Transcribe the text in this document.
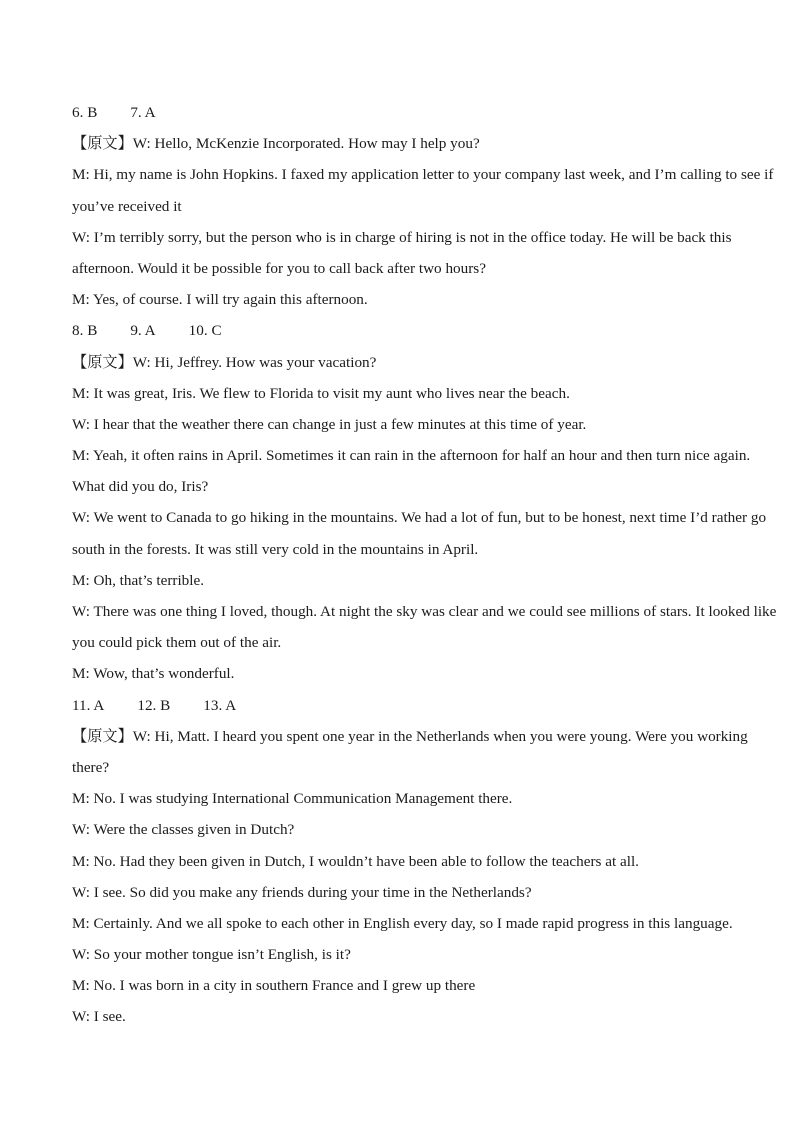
6. B 7. A
【原文】W: Hello, McKenzie Incorporated. How may I help you?
M: Hi, my name is John Hopkins. I faxed my application letter to your company last week, and I’m calling to see if
you’ve received it
W: I’m terribly sorry, but the person who is in charge of hiring is not in the office today. He will be back this
afternoon. Would it be possible for you to call back after two hours?
M: Yes, of course. I will try again this afternoon.
8. B 9. A 10. C
【原文】W: Hi, Jeffrey. How was your vacation?
M: It was great, Iris. We flew to Florida to visit my aunt who lives near the beach.
W: I hear that the weather there can change in just a few minutes at this time of year.
M: Yeah, it often rains in April. Sometimes it can rain in the afternoon for half an hour and then turn nice again.
What did you do, Iris?
W: We went to Canada to go hiking in the mountains. We had a lot of fun, but to be honest, next time I’d rather go
south in the forests. It was still very cold in the mountains in April.
M: Oh, that’s terrible.
W: There was one thing I loved, though. At night the sky was clear and we could see millions of stars. It looked like
you could pick them out of the air.
M: Wow, that’s wonderful.
11. A 12. B 13. A
【原文】W: Hi, Matt. I heard you spent one year in the Netherlands when you were young. Were you working
there?
M: No. I was studying International Communication Management there.
W: Were the classes given in Dutch?
M: No. Had they been given in Dutch, I wouldn’t have been able to follow the teachers at all.
W: I see. So did you make any friends during your time in the Netherlands?
M: Certainly. And we all spoke to each other in English every day, so I made rapid progress in this language.
W: So your mother tongue isn’t English, is it?
M: No. I was born in a city in southern France and I grew up there
W: I see.
